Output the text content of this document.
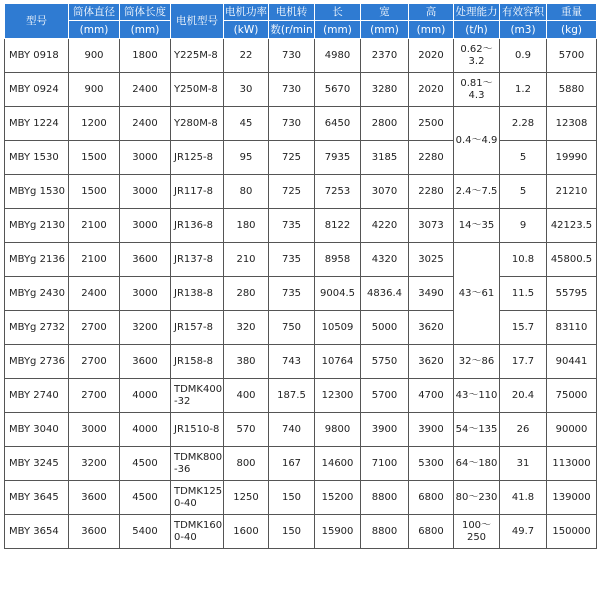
型号	筒体直径	筒体长度	电机型号	电机功率	电机转	长	宽	高	处理能力	有效容积	重量
	(mm)	(mm)		(kW)	数(r/min	(mm)	(mm)	(mm)	(t/h)	(m3)	(kg)
MBY 0918	900	1800	Y225M-8	22	730	4980	2370	2020	0.62～3.2	0.9	5700
MBY 0924	900	2400	Y250M-8	30	730	5670	3280	2020	0.81～4.3	1.2	5880
MBY 1224	1200	2400	Y280M-8	45	730	6450	2800	2500	0.4～4.9	2.28	12308
MBY 1530	1500	3000	JR125-8	95	725	7935	3185	2280		5	19990
MBYg 1530	1500	3000	JR117-8	80	725	7253	3070	2280	2.4～7.5	5	21210
MBYg 2130	2100	3000	JR136-8	180	735	8122	4220	3073	14～35	9	42123.5
MBYg 2136	2100	3600	JR137-8	210	735	8958	4320	3025	43～61	10.8	45800.5
MBYg 2430	2400	3000	JR138-8	280	735	9004.5	4836.4	3490		11.5	55795
MBYg 2732	2700	3200	JR157-8	320	750	10509	5000	3620		15.7	83110
MBYg 2736	2700	3600	JR158-8	380	743	10764	5750	3620	32～86	17.7	90441
MBY 2740	2700	4000	TDMK400-32	400	187.5	12300	5700	4700	43～110	20.4	75000
MBY 3040	3000	4000	JR1510-8	570	740	9800	3900	3900	54～135	26	90000
MBY 3245	3200	4500	TDMK800-36	800	167	14600	7100	5300	64～180	31	113000
MBY 3645	3600	4500	TDMK1250-40	1250	150	15200	8800	6800	80～230	41.8	139000
MBY 3654	3600	5400	TDMK1600-40	1600	150	15900	8800	6800	100～250	49.7	150000
